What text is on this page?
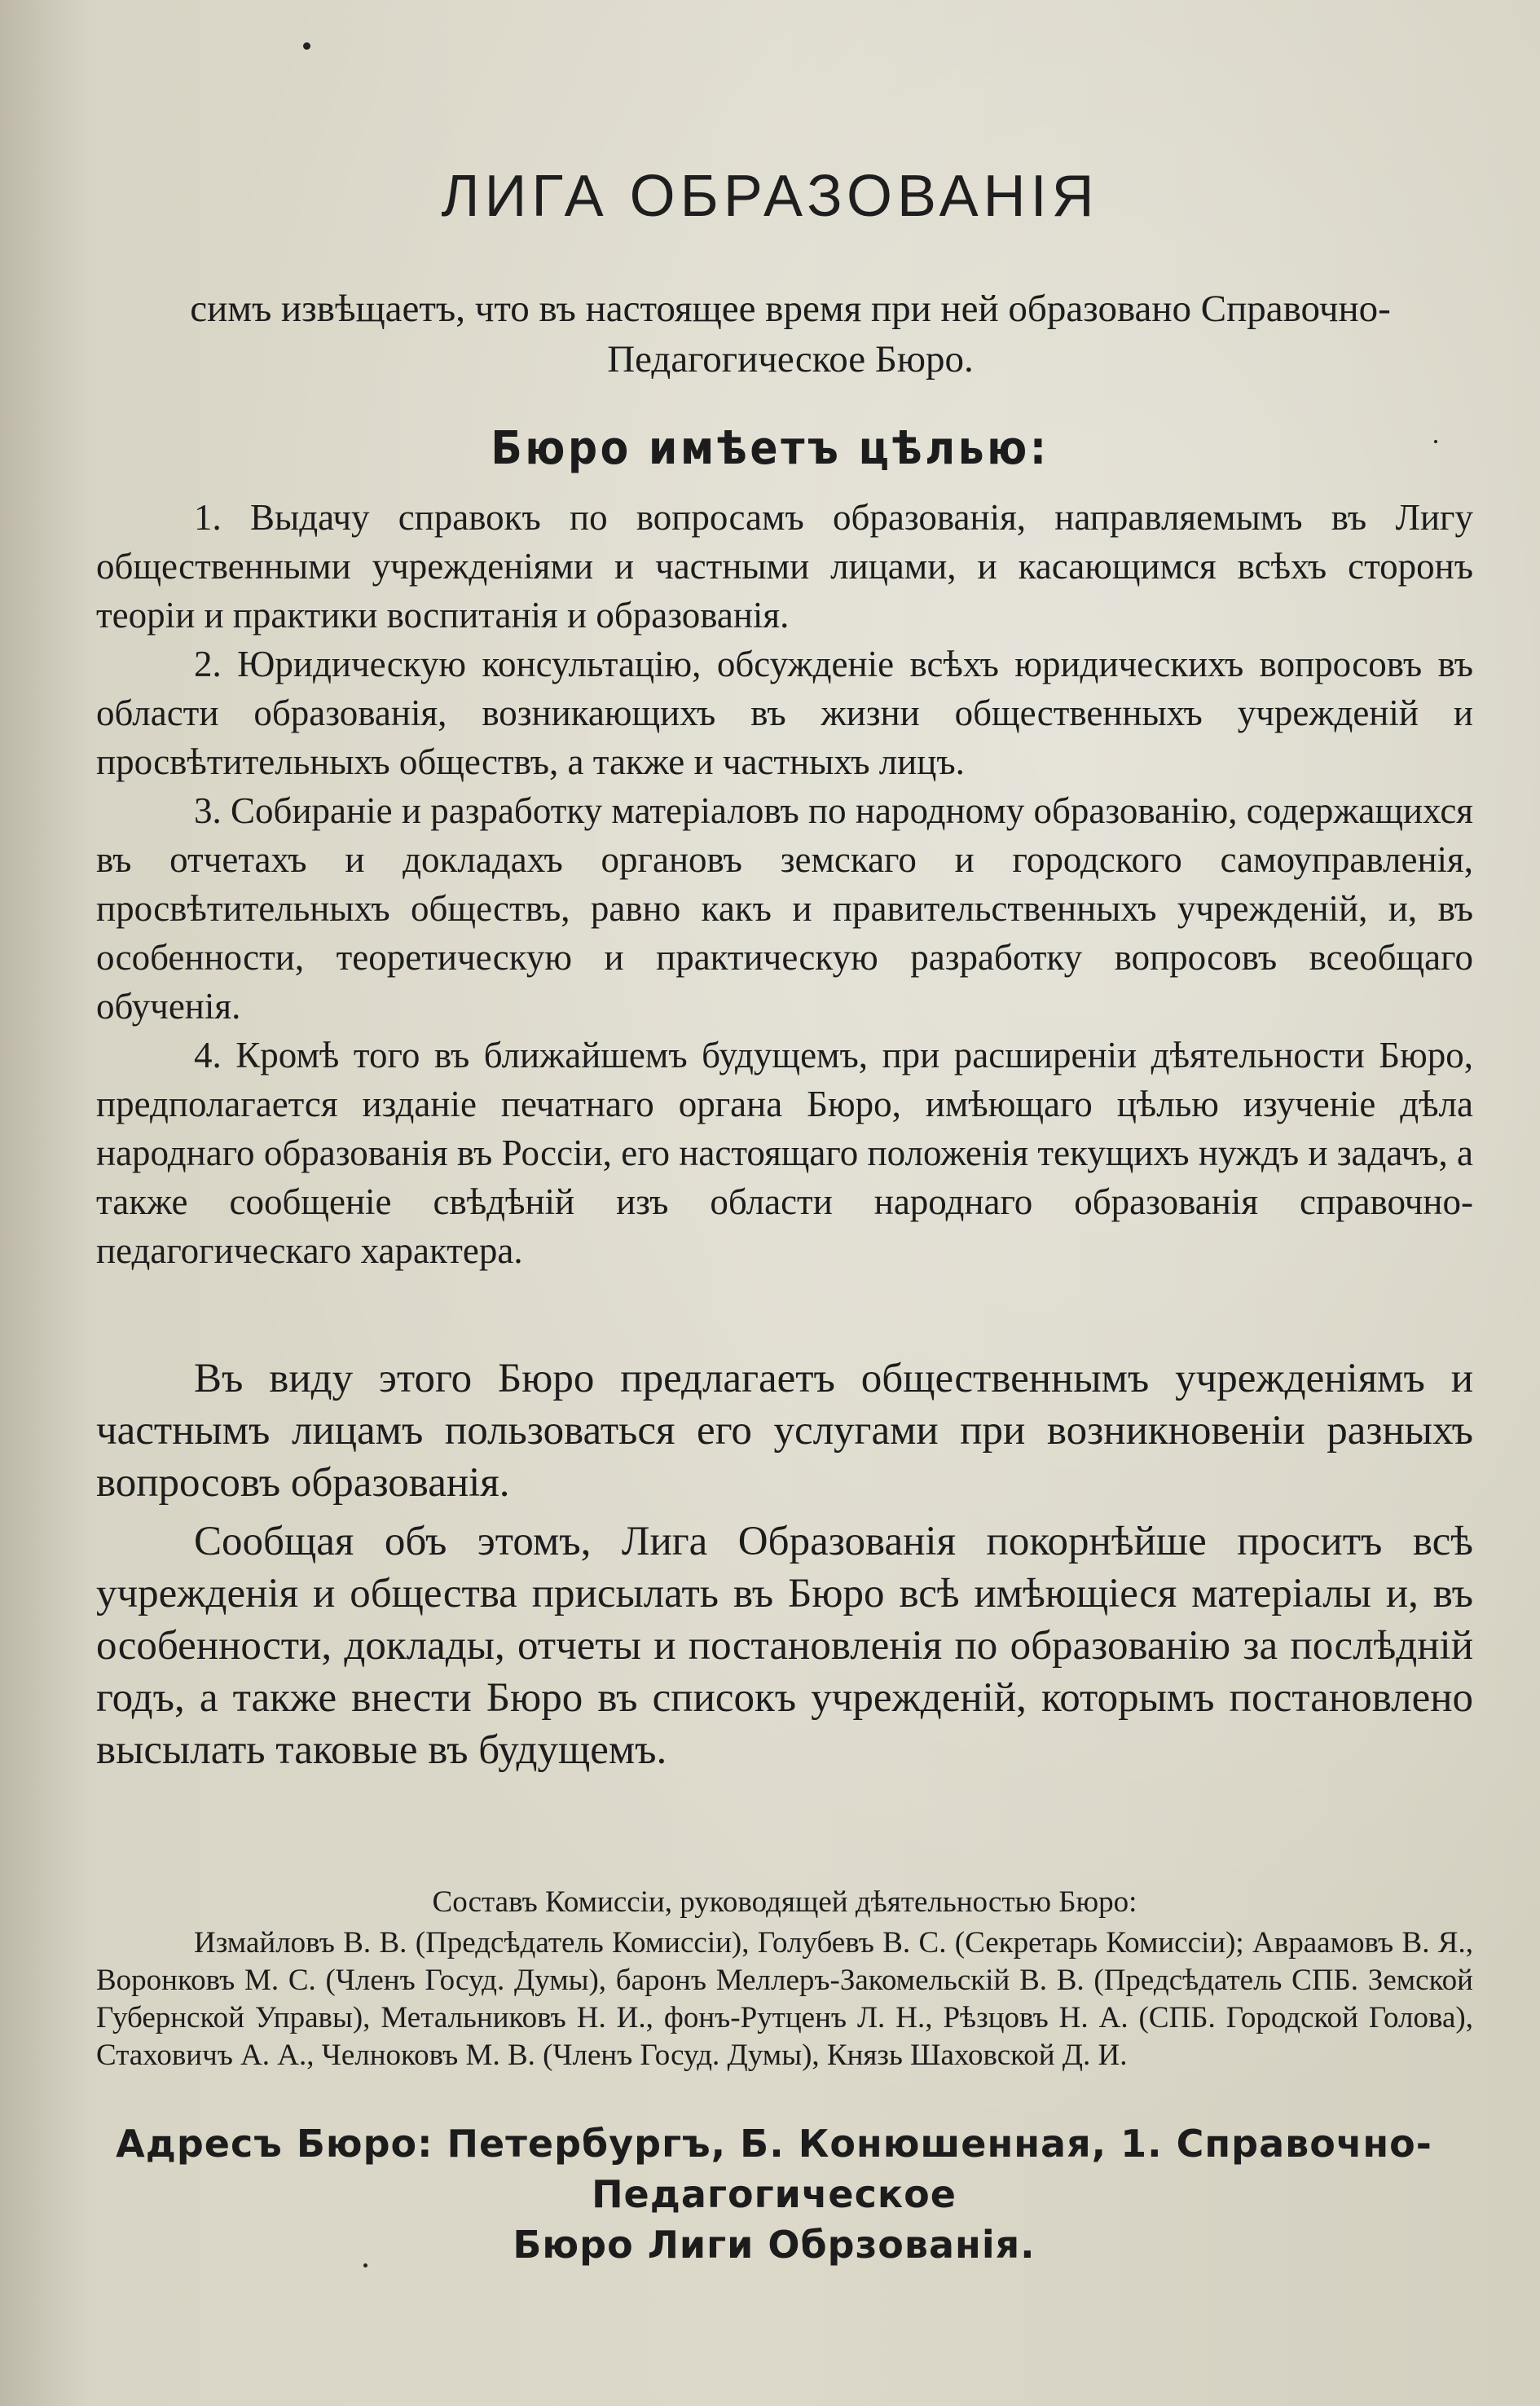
ЛИГА ОБРАЗОВАНIЯ
симъ извѣщаетъ, что въ настоящее время при ней образовано Справочно-Педагогическое Бюро.
Бюро имѣетъ цѣлью:

1. Выдачу справокъ по вопросамъ образованiя, направляемымъ въ Лигу общественными учрежденiями и частными лицами, и касающимся всѣхъ сторонъ теорiи и практики воспитанiя и образованiя.

2. Юридическую консультацiю, обсужденiе всѣхъ юридическихъ вопросовъ въ области образованiя, возникающихъ въ жизни общественныхъ учрежденiй и просвѣтительныхъ обществъ, а также и частныхъ лицъ.

3. Собиранiе и разработку матерiаловъ по народному образованiю, содержащихся въ отчетахъ и докладахъ органовъ земскаго и городского самоуправленiя, просвѣтительныхъ обществъ, равно какъ и правительственныхъ учрежденiй, и, въ особенности, теоретическую и практическую разработку вопросовъ всеобщаго обученiя.

4. Кромѣ того въ ближайшемъ будущемъ, при расширенiи дѣятельности Бюро, предполагается изданiе печатнаго органа Бюро, имѣющаго цѣлью изученiе дѣла народнаго образованiя въ Россiи, его настоящаго положенiя текущихъ нуждъ и задачъ, а также сообщенiе свѣдѣнiй изъ области народнаго образованiя справочно-педагогическаго характера.

Въ виду этого Бюро предлагаетъ общественнымъ учрежденiямъ и частнымъ лицамъ пользоваться его услугами при возникновенiи разныхъ вопросовъ образованiя.

Сообщая объ этомъ, Лига Образованiя покорнѣйше проситъ всѣ учрежденiя и общества присылать въ Бюро всѣ имѣющiеся матерiалы и, въ особенности, доклады, отчеты и постановленiя по образованiю за послѣднiй годъ, а также внести Бюро въ списокъ учрежденiй, которымъ постановлено высылать таковые въ будущемъ.

Составъ Комиссiи, руководящей дѣятельностью Бюро:

Измайловъ В. В. (Предсѣдатель Комиссiи), Голубевъ В. С. (Секретарь Комиссiи); Авраамовъ В. Я., Воронковъ М. С. (Членъ Госуд. Думы), баронъ Меллеръ-Закомельскiй В. В. (Предсѣдатель СПБ. Земской Губернской Управы), Метальниковъ Н. И., фонъ-Рутценъ Л. Н., Рѣзцовъ Н. А. (СПБ. Городской Голова), Стаховичъ А. А., Челноковъ М. В. (Членъ Госуд. Думы), Князь Шаховской Д. И.

Адресъ Бюро: Петербургъ, Б. Конюшенная, 1. Справочно-Педагогическое
Бюро Лиги Обрзованiя.
